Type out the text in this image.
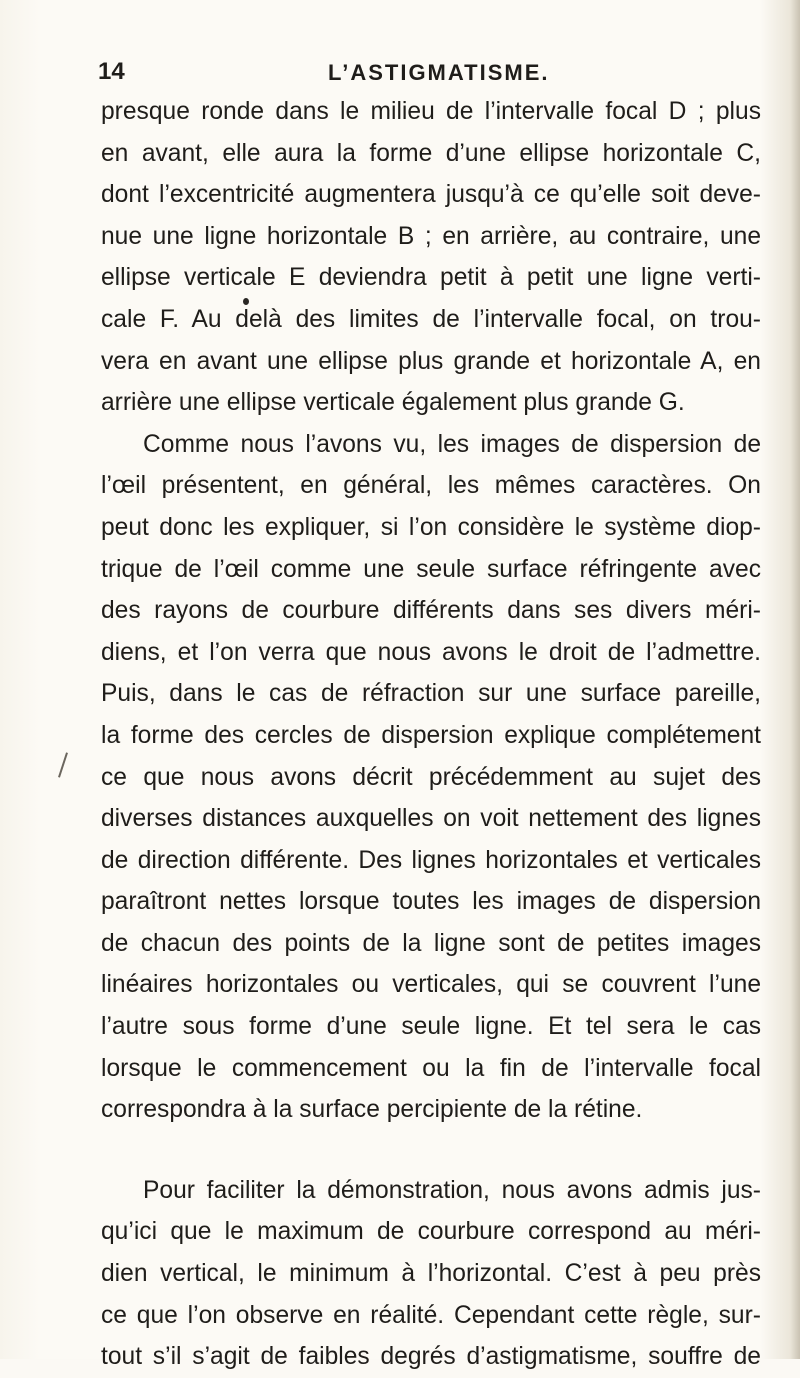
14	L’ASTIGMATISME.
presque ronde dans le milieu de l’intervalle focal D ; plus
en avant, elle aura la forme d’une ellipse horizontale C,
dont l’excentricité augmentera jusqu’à ce qu’elle soit deve-
nue une ligne horizontale B ; en arrière, au contraire, une
ellipse verticale E deviendra petit à petit une ligne verti-
cale F. Au delà des limites de l’intervalle focal, on trou-
vera en avant une ellipse plus grande et horizontale A, en
arrière une ellipse verticale également plus grande G.
Comme nous l’avons vu, les images de dispersion de
l’œil présentent, en général, les mêmes caractères. On
peut donc les expliquer, si l’on considère le système diop-
trique de l’œil comme une seule surface réfringente avec
des rayons de courbure différents dans ses divers méri-
diens, et l’on verra que nous avons le droit de l’admettre.
Puis, dans le cas de réfraction sur une surface pareille,
la forme des cercles de dispersion explique complétement
ce que nous avons décrit précédemment au sujet des
diverses distances auxquelles on voit nettement des lignes
de direction différente. Des lignes horizontales et verticales
paraîtront nettes lorsque toutes les images de dispersion
de chacun des points de la ligne sont de petites images
linéaires horizontales ou verticales, qui se couvrent l’une
l’autre sous forme d’une seule ligne. Et tel sera le cas
lorsque le commencement ou la fin de l’intervalle focal
correspondra à la surface percipiente de la rétine.
Pour faciliter la démonstration, nous avons admis jus-
qu’ici que le maximum de courbure correspond au méri-
dien vertical, le minimum à l’horizontal. C’est à peu près
ce que l’on observe en réalité. Cependant cette règle, sur-
tout s’il s’agit de faibles degrés d’astigmatisme, souffre de
